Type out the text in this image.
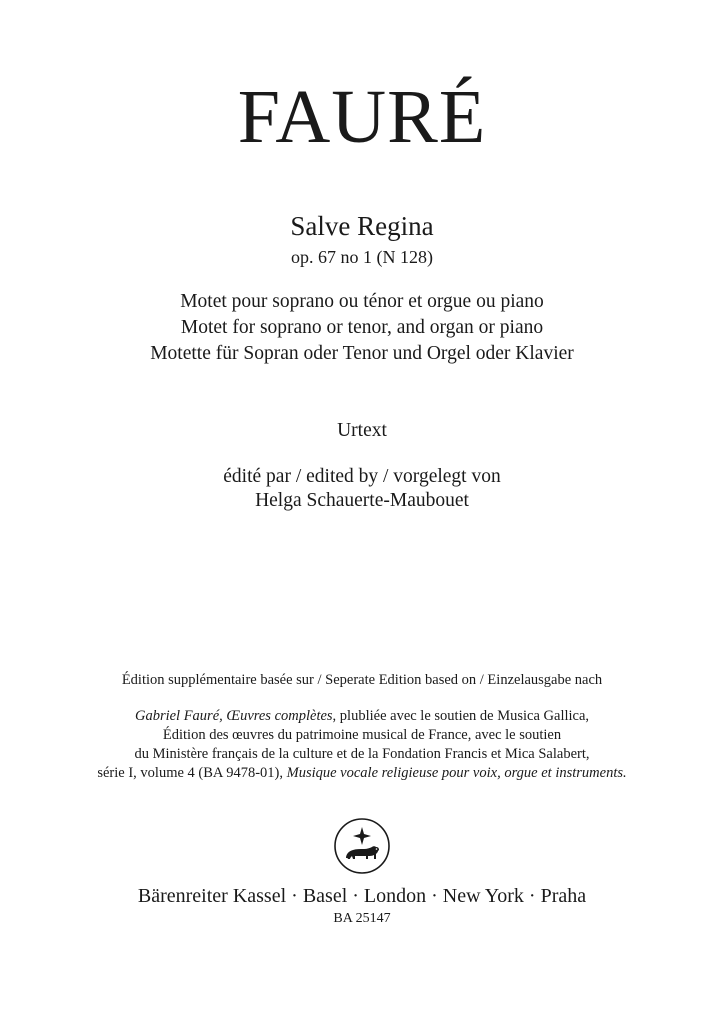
FAURÉ
Salve Regina
op. 67 no 1 (N 128)
Motet pour soprano ou ténor et orgue ou piano
Motet for soprano or tenor, and organ or piano
Motette für Sopran oder Tenor und Orgel oder Klavier
Urtext
édité par / edited by / vorgelegt von
Helga Schauerte-Maubouet
Édition supplémentaire basée sur / Seperate Edition based on / Einzelausgabe nach
Gabriel Fauré, Œuvres complètes, plubliée avec le soutien de Musica Gallica,
Édition des œuvres du patrimoine musical de France, avec le soutien
du Ministère français de la culture et de la Fondation Francis et Mica Salabert,
série I, volume 4 (BA 9478-01), Musique vocale religieuse pour voix, orgue et instruments.
Bärenreiter Kassel · Basel · London · New York · Praha
BA 25147
